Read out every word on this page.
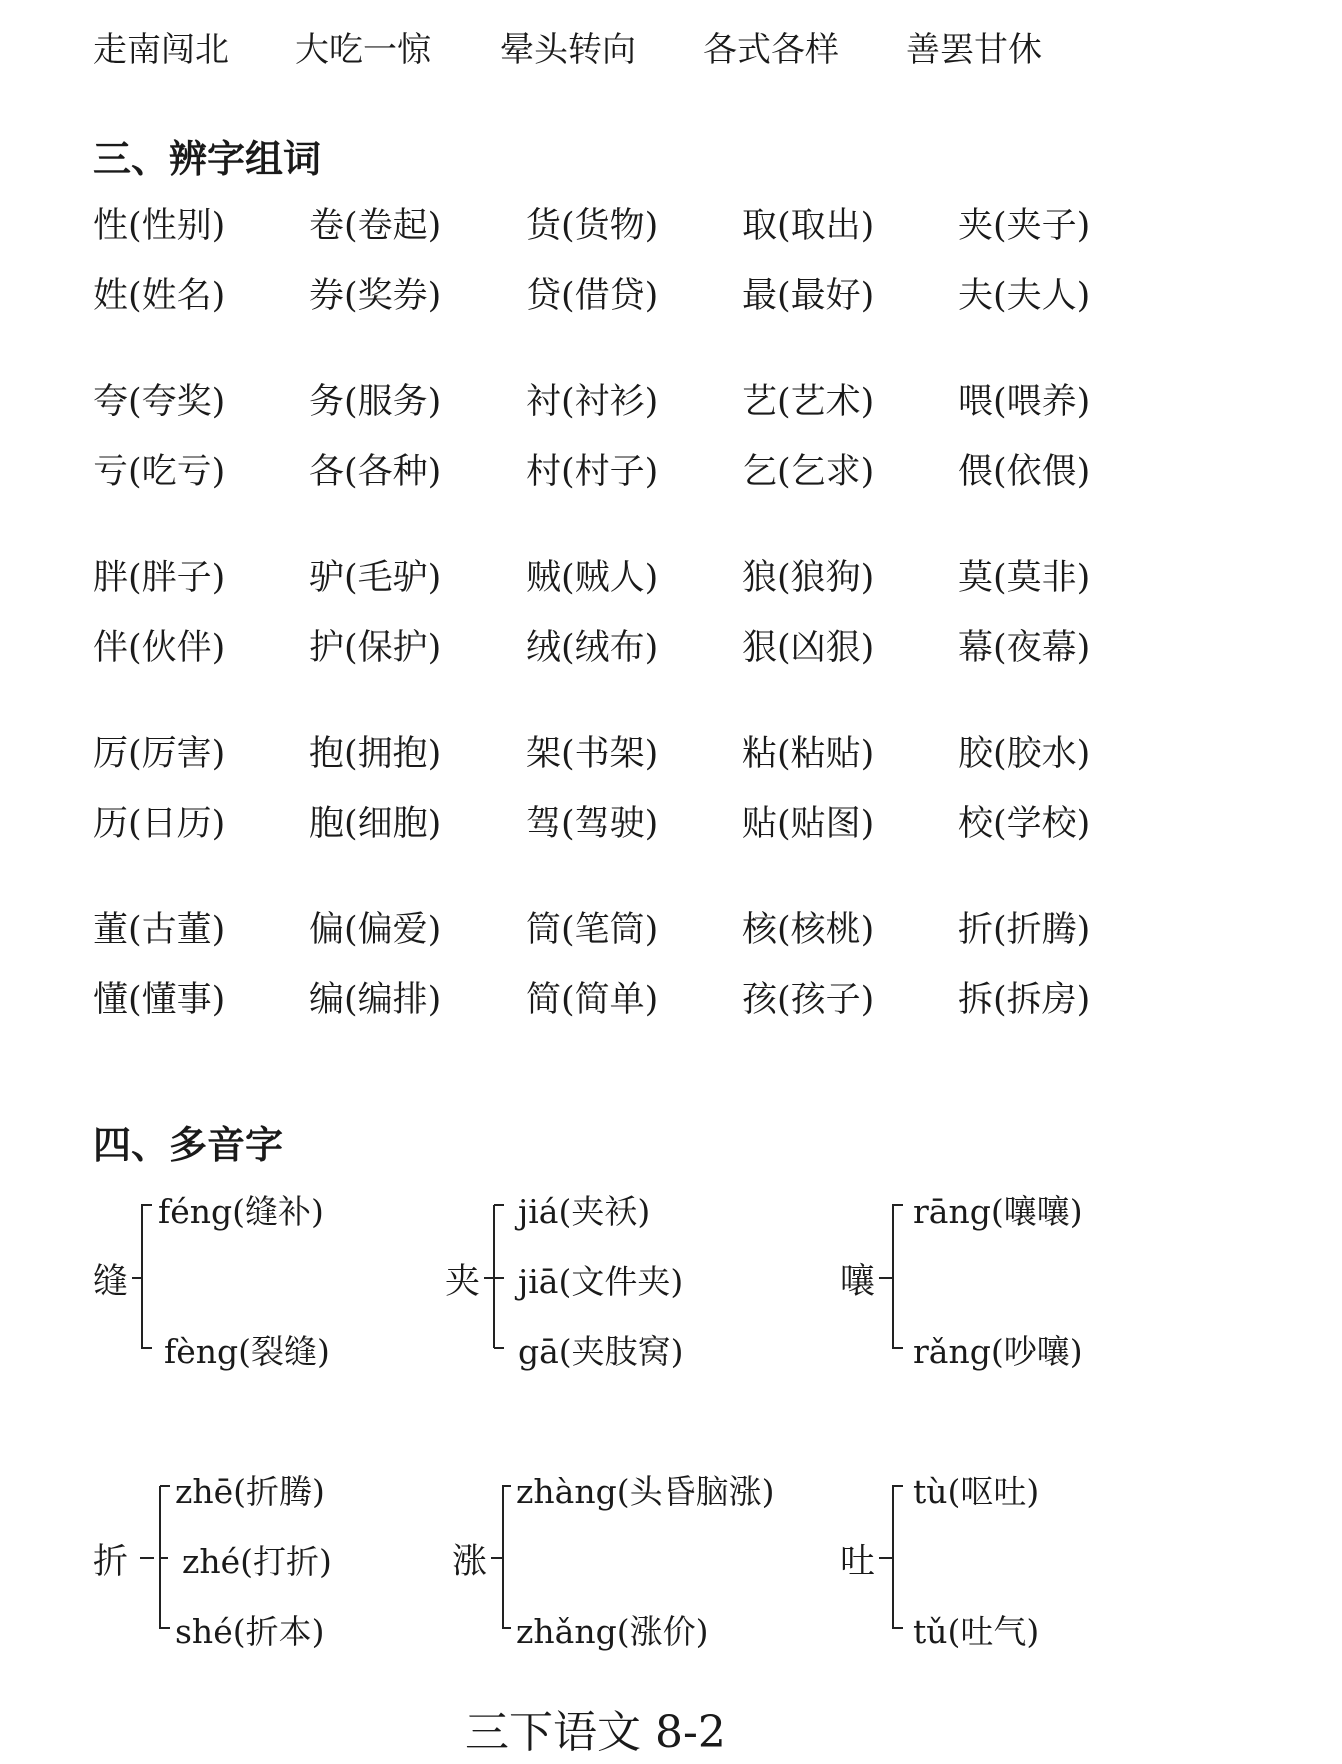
走南闯北 大吃一惊 晕头转向 各式各样 善罢甘休
三、辨字组词
性(性别) 卷(卷起) 货(货物) 取(取出) 夹(夹子)
姓(姓名) 券(奖券) 贷(借贷) 最(最好) 夫(夫人)
夸(夸奖) 务(服务) 衬(衬衫) 艺(艺术) 喂(喂养)
亏(吃亏) 各(各种) 村(村子) 乞(乞求) 偎(依偎)
胖(胖子) 驴(毛驴) 贼(贼人) 狼(狼狗) 莫(莫非)
伴(伙伴) 护(保护) 绒(绒布) 狠(凶狠) 幕(夜幕)
厉(厉害) 抱(拥抱) 架(书架) 粘(粘贴) 胶(胶水)
历(日历) 胞(细胞) 驾(驾驶) 贴(贴图) 校(学校)
董(古董) 偏(偏爱) 筒(笔筒) 核(核桃) 折(折腾)
懂(懂事) 编(编排) 简(简单) 孩(孩子) 拆(拆房)
四、多音字
缝
féng(缝补)
fèng(裂缝)
夹
jiá(夹袄)
jiā(文件夹)
gā(夹肢窝)
嚷
rāng(嚷嚷)
rǎng(吵嚷)
折
zhē(折腾)
zhé(打折)
shé(折本)
涨
zhàng(头昏脑涨)
zhǎng(涨价)
吐
tù(呕吐)
tǔ(吐气)
三下语文 8-2
